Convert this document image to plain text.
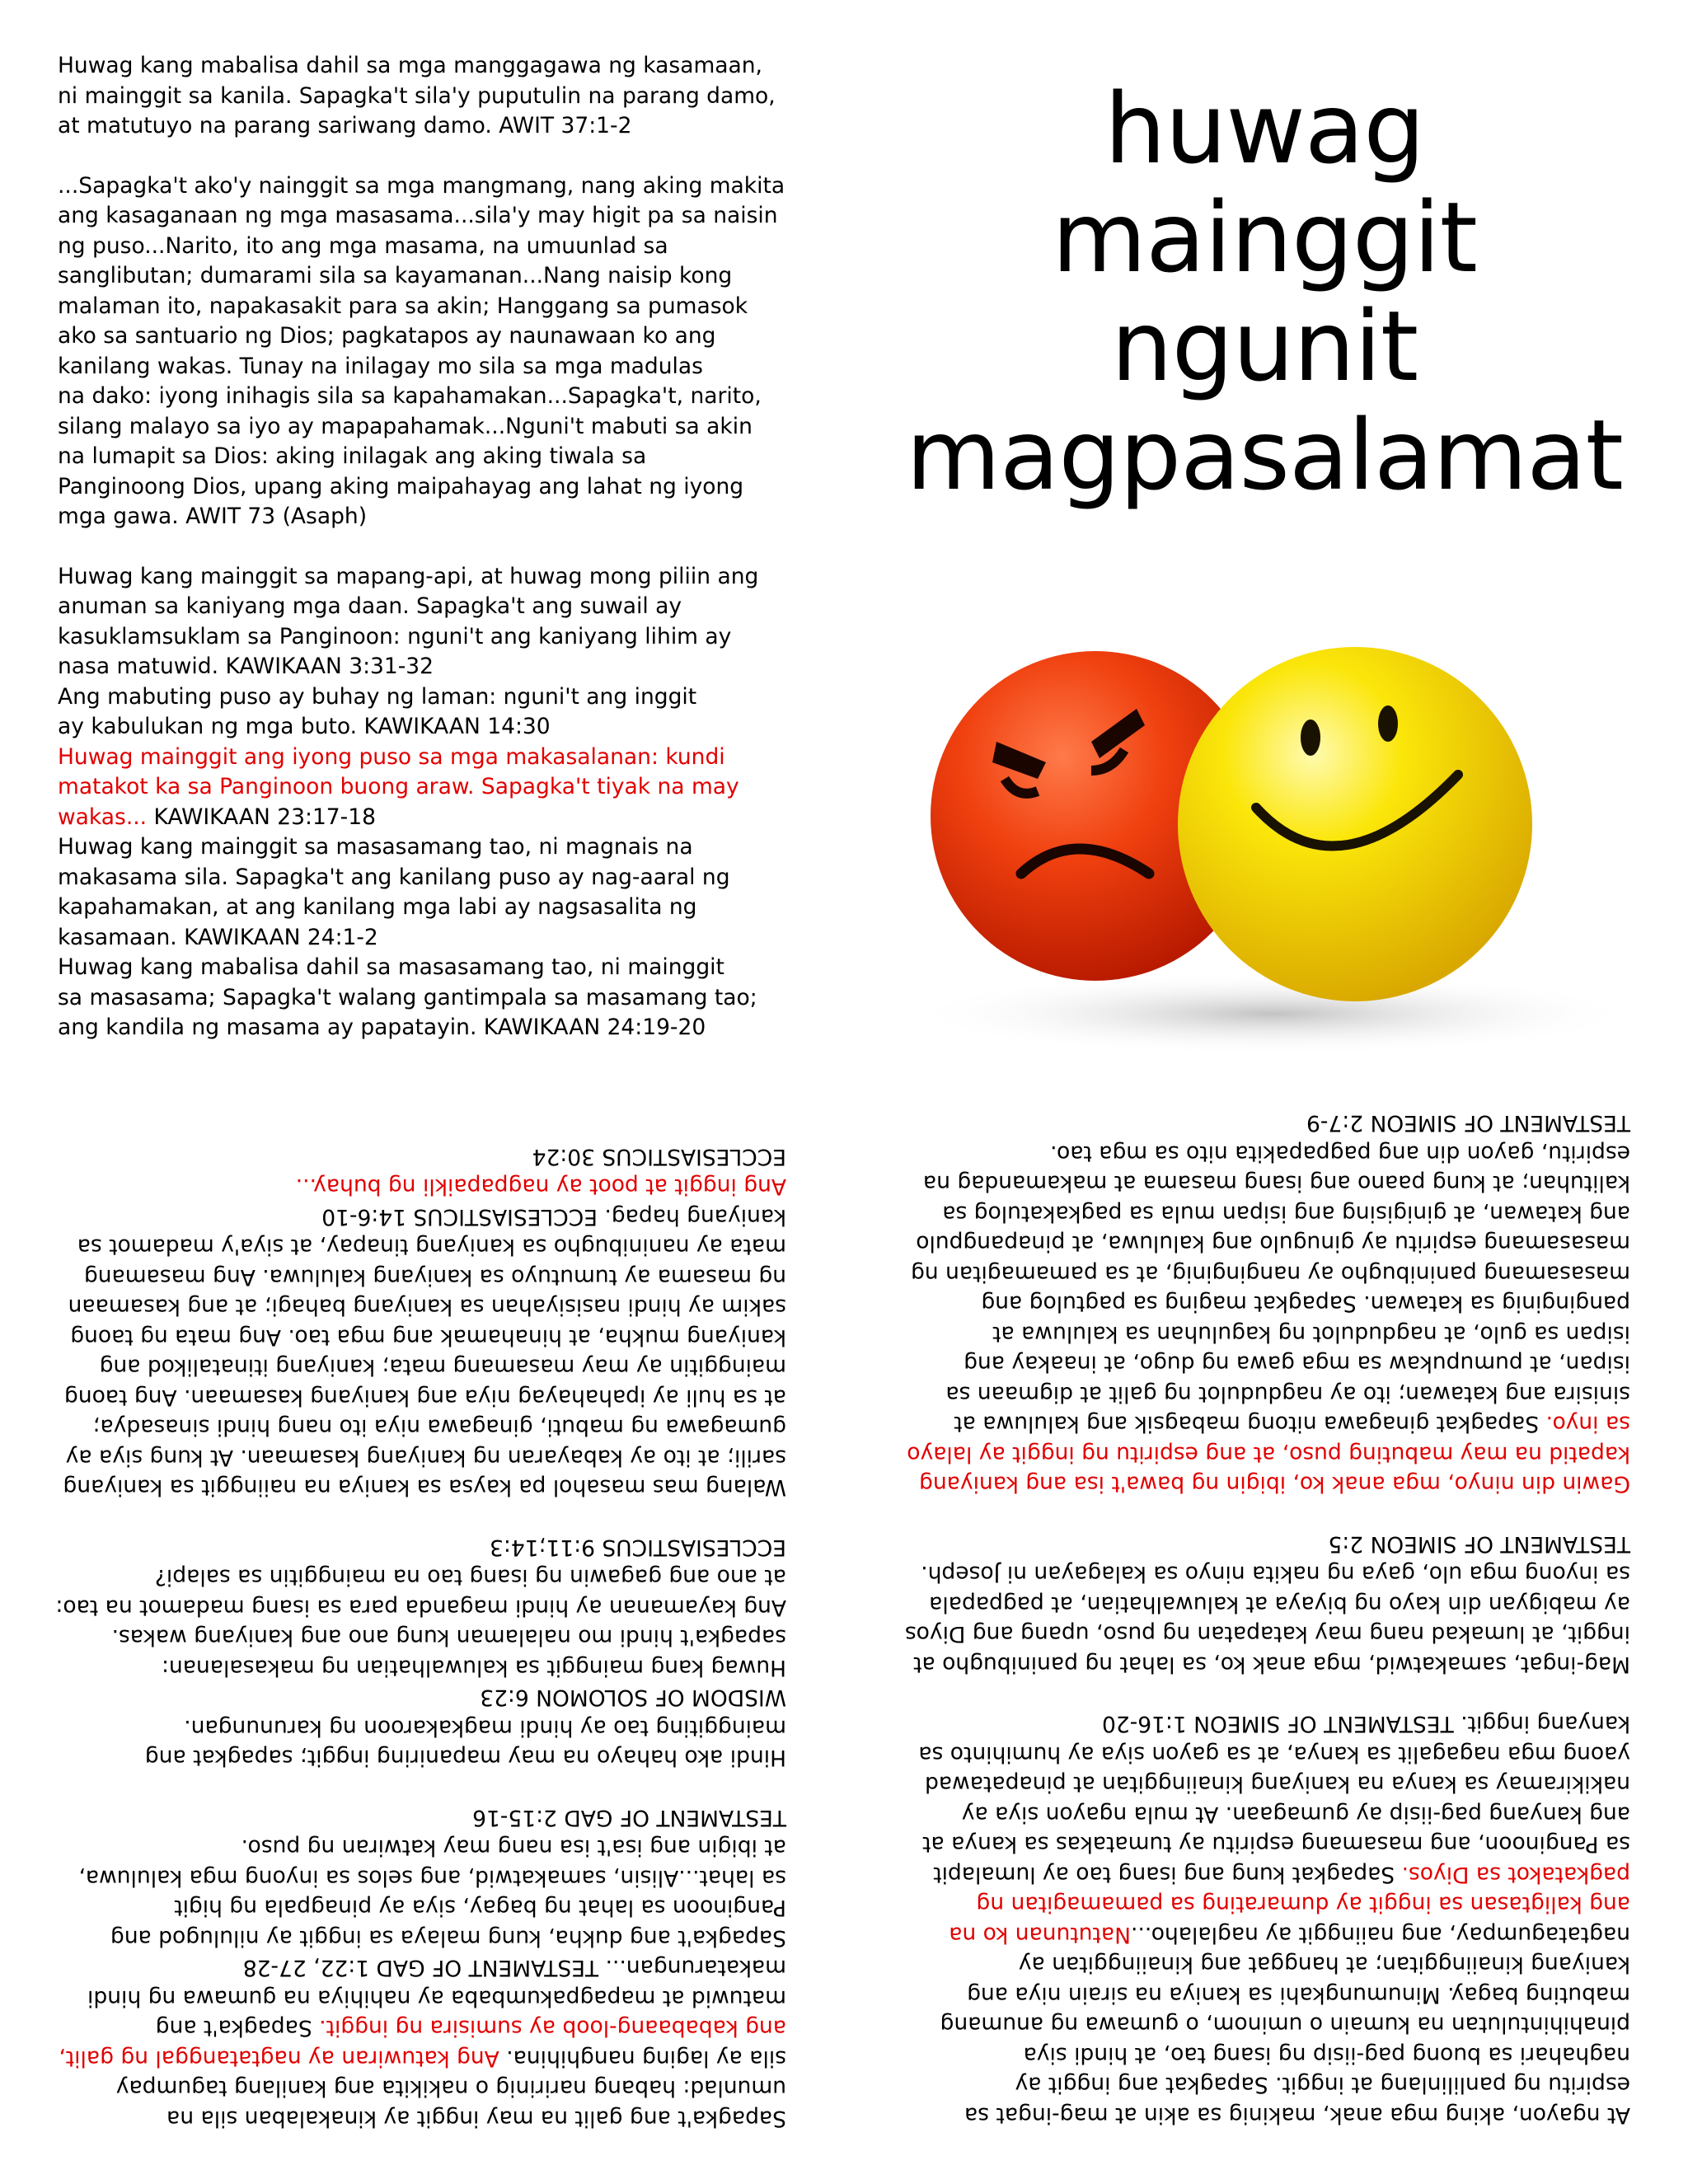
Huwag kang mabalisa dahil sa mga manggagawa ng kasamaan,
ni mainggit sa kanila. Sapagka't sila'y puputulin na parang damo,
at matutuyo na parang sariwang damo. AWIT 37:1-2

...Sapagka't ako'y nainggit sa mga mangmang, nang aking makita
ang kasaganaan ng mga masasama...sila'y may higit pa sa naisin
ng puso...Narito, ito ang mga masama, na umuunlad sa
sanglibutan; dumarami sila sa kayamanan...Nang naisip kong
malaman ito, napakasakit para sa akin; Hanggang sa pumasok
ako sa santuario ng Dios; pagkatapos ay naunawaan ko ang
kanilang wakas. Tunay na inilagay mo sila sa mga madulas
na dako: iyong inihagis sila sa kapahamakan...Sapagka't, narito,
silang malayo sa iyo ay mapapahamak...Nguni't mabuti sa akin
na lumapit sa Dios: aking inilagak ang aking tiwala sa
Panginoong Dios, upang aking maipahayag ang lahat ng iyong
mga gawa. AWIT 73 (Asaph)

Huwag kang mainggit sa mapang-api, at huwag mong piliin ang
anuman sa kaniyang mga daan. Sapagka't ang suwail ay
kasuklamsuklam sa Panginoon: nguni't ang kaniyang lihim ay
nasa matuwid. KAWIKAAN 3:31-32
Ang mabuting puso ay buhay ng laman: nguni't ang inggit
ay kabulukan ng mga buto. KAWIKAAN 14:30

Huwag mainggit ang iyong puso sa mga makasalanan: kundi
matakot ka sa Panginoon buong araw. Sapagka't tiyak na may
wakas... KAWIKAAN 23:17-18
Huwag kang mainggit sa masasamang tao, ni magnais na
makasama sila. Sapagka't ang kanilang puso ay nag-aaral ng
kapahamakan, at ang kanilang mga labi ay nagsasalita ng
kasamaan. KAWIKAAN 24:1-2
Huwag kang mabalisa dahil sa masasamang tao, ni mainggit
sa masasama; Sapagka't walang gantimpala sa masamang tao;
ang kandila ng masama ay papatayin. KAWIKAAN 24:19-20

huwag
mainggit
ngunit
magpasalamat

Sapagka't ang galit na may inggit ay kinakalaban sila na
umunlad: habang naririnig o nakikita ang kanilang tagumpay
sila ay laging nanghihina. Ang katuwiran ay nagtatanggal ng galit,
ang kababaang-loob ay sumisira ng inggit. Sapagka't ang
matuwid at mapagpakumbaba ay nahihiya na gumawa ng hindi
makatarungan... TESTAMENT OF GAD 1:22, 27-28
Sapagka't ang dukha, kung malaya sa inggit ay nilulugod ang
Panginoon sa lahat ng bagay, siya ay pinagpala ng higit
sa lahat...Alisin, samakatwid, ang selos sa inyong mga kaluluwa,
at ibigin ang isa't isa nang may katwiran ng puso.
TESTAMENT OF GAD 2:15-16

Hindi ako hahayo na may mapaniring inggit; sapagkat ang
mainggiting tao ay hindi magkakaroon ng karunungan.
WISDOM OF SOLOMON 6:23
Huwag kang mainggit sa kaluwalhatian ng makasalanan:
sapagka't hindi mo nalalaman kung ano ang kaniyang wakas.
Ang kayamanan ay hindi maganda para sa isang madamot na tao:
at ano ang gagawin ng isang tao na mainggitin sa salapi?
ECCLESIASTICUS 9:11;14:3

Walang mas masahol pa kaysa sa kaniya na naiinggit sa kaniyang
sarili; at ito ay kabayaran ng kaniyang kasamaan. At kung siya ay
gumagawa ng mabuti, ginagawa niya ito nang hindi sinasadya;
at sa huli ay ipahahayag niya ang kaniyang kasamaan. Ang taong
mainggitin ay may masamang mata; kaniyang itinatalikod ang
kaniyang mukha, at hinahamak ang mga tao. Ang mata ng taong
sakim ay hindi nasisiyahan sa kaniyang bahagi; at ang kasamaan
ng masama ay tumutuyo sa kaniyang kaluluwa. Ang masamang
mata ay naninibugho sa kaniyang tinapay, at siya'y madamot sa
kaniyang hapag. ECCLESIASTICUS 14:6-10

Ang inggit at poot ay nagpapaikli ng buhay...

ECCLESIASTICUS 30:24

At ngayon, aking mga anak, makinig sa akin at mag-ingat sa
espiritu ng panlilinlang at inggit. Sapagkat ang inggit ay
naghahari sa buong pag-iisip ng isang tao, at hindi siya
pinahihintulutan na kumain o uminom, o gumawa ng anumang
mabuting bagay. Minumungkahi sa kaniya na sirain niya ang
kaniyang kinaiinggitan; at hanggat ang kinaiinggitan ay
nagtatagumpay, ang naiinggit ay naglalaho...Natutunan ko na
ang kaligtasan sa inggit ay dumarating sa pamamagitan ng
pagkatakot sa Diyos. Sapagkat kung ang isang tao ay lumalapit
sa Panginoon, ang masamang espiritu ay tumatakas sa kanya at
ang kanyang pag-iisip ay gumagaan. At mula ngayon siya ay
nakikiramay sa kanya na kaniyang kinaiinggitan at pinapatawad
yaong mga nagagalit sa kanya, at sa gayon siya ay humihinto sa
kanyang inggit. TESTAMENT OF SIMEON 1:16-20

Mag-ingat, samakatwid, mga anak ko, sa lahat ng paninibugho at
inggit, at lumakad nang may katapatan ng puso, upang ang Diyos
ay mabigyan din kayo ng biyaya at kaluwalhatian, at pagpapala
sa inyong mga ulo, gaya ng nakita ninyo sa kalagayan ni Joseph.
TESTAMENT OF SIMEON 2:5

Gawin din ninyo, mga anak ko, ibigin ng bawa't isa ang kaniyang
kapatid na may mabuting puso, at ang espiritu ng inggit ay lalayo
sa inyo. Sapagkat ginagawa nitong mabagsik ang kaluluwa at
sinisira ang katawan; ito ay nagdudulot ng galit at digmaan sa
isipan, at pumupukaw sa mga gawa ng dugo, at inaakay ang
isipan sa gulo, at nagdudulot ng kaguluhan sa kaluluwa at
panginginig sa katawan. Sapagkat maging sa pagtulog ang
masasamang paninibugho ay nanginginig, at sa pamamagitan ng
masasamang espiritu ay ginugulo ang kaluluwa, at pinapangpulo
ang katawan, at ginigising ang isipan mula sa pagkakatulog sa
kalituhan; at kung paano ang isang masama at makamandag na
espiritu, gayon din ang pagpapakita nito sa mga tao.
TESTAMENT OF SIMEON 2:7-9
